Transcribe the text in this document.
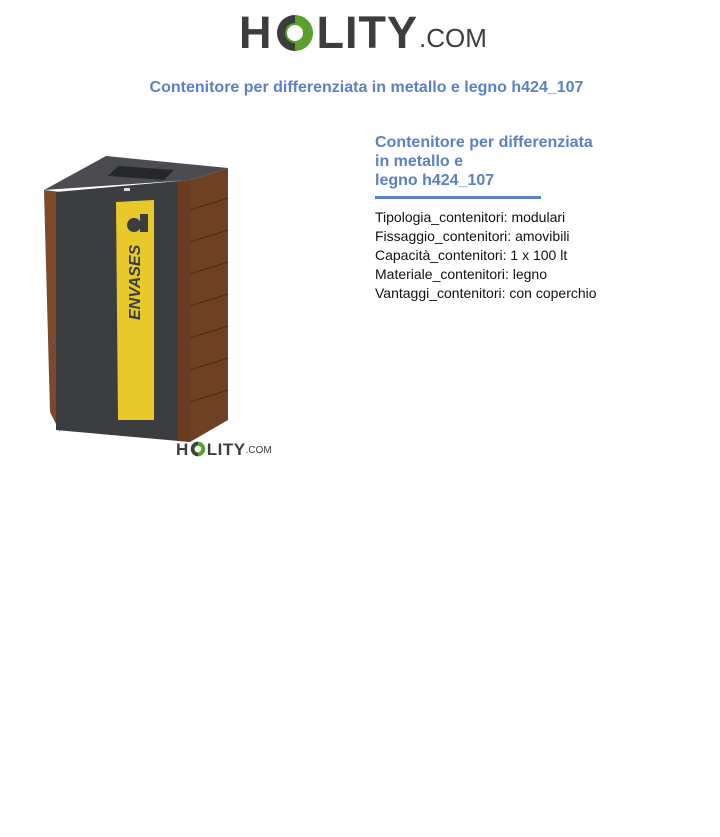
H LITY .COM
Contenitore per differenziata in metallo e legno h424_107
ENVASES
H LITY .COM
Contenitore per differenziata
in metallo e
legno h424_107
Tipologia_contenitori: modulari
Fissaggio_contenitori: amovibili
Capacità_contenitori: 1 x 100 lt
Materiale_contenitori: legno
Vantaggi_contenitori: con coperchio
